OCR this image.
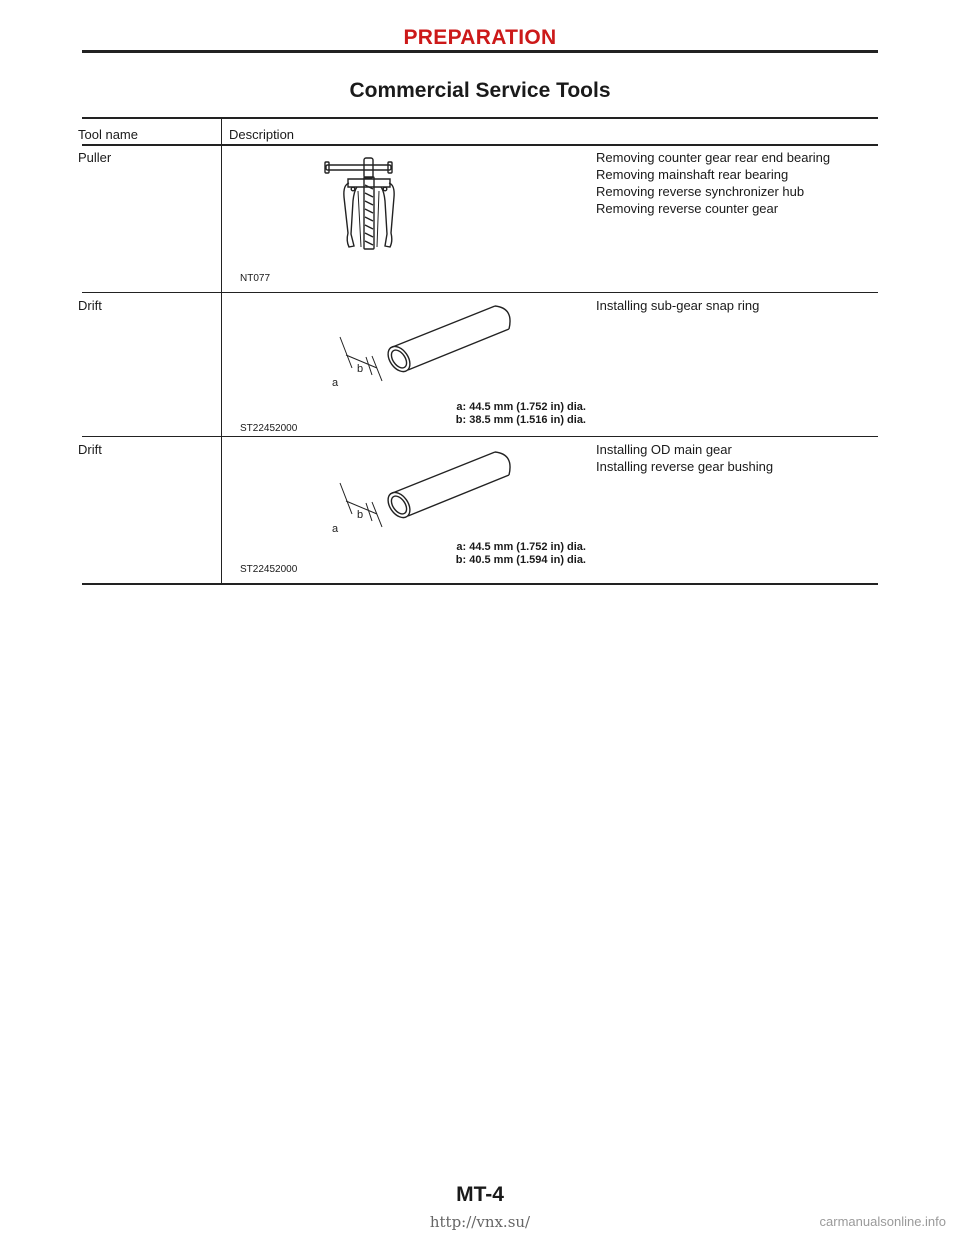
PREPARATION
Commercial Service Tools
Tool name	Description
Puller
NT077
Removing counter gear rear end bearing
Removing mainshaft rear bearing
Removing reverse synchronizer hub
Removing reverse counter gear
Drift
a
b
a: 44.5 mm (1.752 in) dia.
b: 38.5 mm (1.516 in) dia.
ST22452000
Installing sub-gear snap ring
Drift
a
b
a: 44.5 mm (1.752 in) dia.
b: 40.5 mm (1.594 in) dia.
ST22452000
Installing OD main gear
Installing reverse gear bushing
MT-4
http://vnx.su/	carmanualsonline.info
